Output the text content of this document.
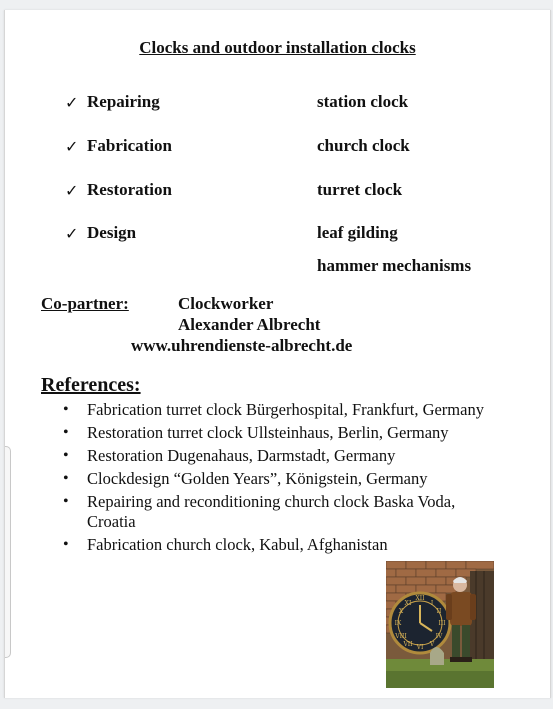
Clocks and outdoor installation clocks
✓ Repairing
✓ Fabrication
✓ Restoration
✓ Design
station clock
church clock
turret clock
leaf gilding
hammer mechanisms
Co-partner:	Clockworker
Alexander Albrecht
www.uhrendienste-albrecht.de
References:
• Fabrication turret clock Bürgerhospital, Frankfurt, Germany
• Restoration turret clock Ullsteinhaus, Berlin, Germany
• Restoration Dugenahaus, Darmstadt, Germany
• Clockdesign “Golden Years”, Königstein, Germany
• Repairing and reconditioning church clock Baska Voda, Croatia
• Fabrication church clock, Kabul, Afghanistan
XII
III
VI
IX
I
II
IV
V
VII
VIII
X
XI
